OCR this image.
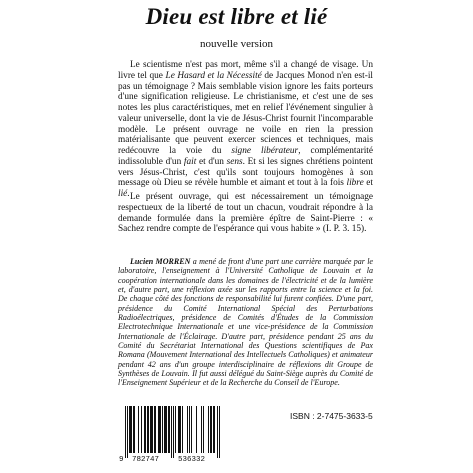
Dieu est libre et lié
nouvelle version

Le scientisme n'est pas mort, même s'il a changé de visage. Un livre tel que Le Hasard et la Nécessité de Jacques Monod n'en est-il pas un témoignage ? Mais semblable vision ignore les faits porteurs d'une signification religieuse. Le christianisme, et c'est une de ses notes les plus caractéristiques, met en relief l'événement singulier à valeur universelle, dont la vie de Jésus-Christ fournit l'incomparable modèle. Le présent ouvrage ne voile en rien la pression matérialisante que peuvent exercer sciences et techniques, mais redécouvre la voie du signe libérateur, complémentarité indissoluble d'un fait et d'un sens. Et si les signes chrétiens pointent vers Jésus-Christ, c'est qu'ils sont toujours homogènes à son message où Dieu se révèle humble et aimant et tout à la fois libre et lié. Le présent ouvrage, qui est nécessairement un témoignage respectueux de la liberté de tout un chacun, voudrait répondre à la demande formulée dans la première épître de Saint-Pierre : « Sachez rendre compte de l'espérance qui vous habite » (I. P. 3. 15).

Lucien MORREN a mené de front d'une part une carrière marquée par le laboratoire, l'enseignement à l'Université Catholique de Louvain et la coopération internationale dans les domaines de l'électricité et de la lumière et, d'autre part, une réflexion axée sur les rapports entre la science et la foi. De chaque côté des fonctions de responsabilité lui furent confiées. D'une part, présidence du Comité International Spécial des Perturbations Radioélectriques, présidence de Comités d'Études de la Commission Electrotechnique Internationale et une vice-présidence de la Commission Internationale de l'Éclairage. D'autre part, présidence pendant 25 ans du Comité du Secrétariat International des Questions scientifiques de Pax Romana (Mouvement International des Intellectuels Catholiques) et animateur pendant 42 ans d'un groupe interdisciplinaire de réflexions dit Groupe de Synthèses de Louvain. Il fut aussi délégué du Saint-Siège auprès du Comité de l'Enseignement Supérieur et de la Recherche du Conseil de l'Europe.

9 782747	536332
ISBN : 2-7475-3633-5
